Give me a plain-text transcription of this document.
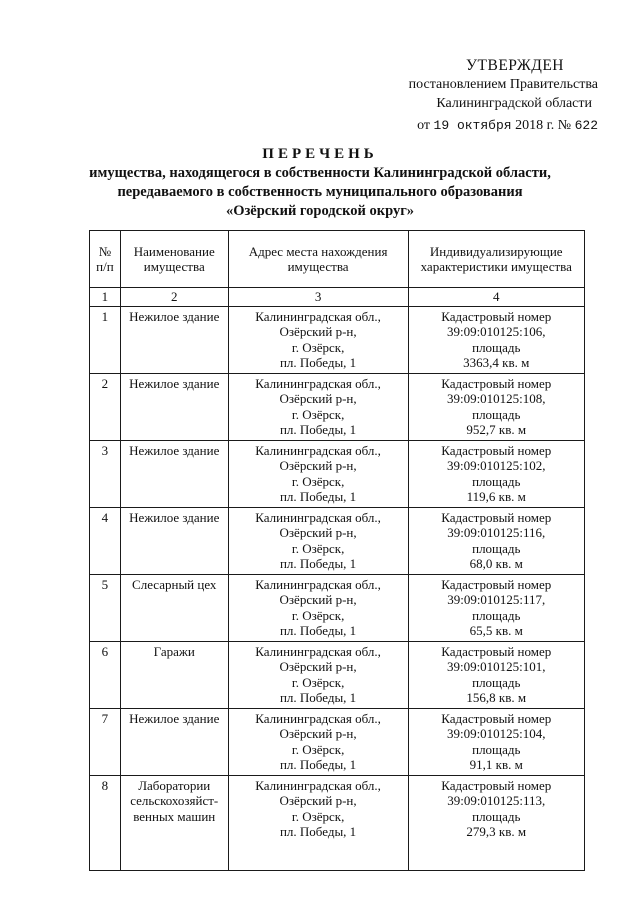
УТВЕРЖДЕН
постановлением Правительства
Калининградской области
от 19 октября 2018 г. № 622
ПЕРЕЧЕНЬ
имущества, находящегося в собственности Калининградской области,
передаваемого в собственность муниципального образования
«Озёрский городской округ»
№ п/п	Наименование имущества	Адрес места нахождения имущества	Индивидуализирующие характеристики имущества
1	2	3	4
1	Нежилое здание	Калининградская обл.,
Озёрский р-н,
г. Озёрск,
пл. Победы, 1	Кадастровый номер
39:09:010125:106,
площадь
3363,4 кв. м

2	Нежилое здание	Калининградская обл.,
Озёрский р-н,
г. Озёрск,
пл. Победы, 1	Кадастровый номер
39:09:010125:108,
площадь
952,7 кв. м

3	Нежилое здание	Калининградская обл.,
Озёрский р-н,
г. Озёрск,
пл. Победы, 1	Кадастровый номер
39:09:010125:102,
площадь
119,6 кв. м

4	Нежилое здание	Калининградская обл.,
Озёрский р-н,
г. Озёрск,
пл. Победы, 1	Кадастровый номер
39:09:010125:116,
площадь
68,0 кв. м

5	Слесарный цех	Калининградская обл.,
Озёрский р-н,
г. Озёрск,
пл. Победы, 1	Кадастровый номер
39:09:010125:117,
площадь
65,5 кв. м

6	Гаражи	Калининградская обл.,
Озёрский р-н,
г. Озёрск,
пл. Победы, 1	Кадастровый номер
39:09:010125:101,
площадь
156,8 кв. м

7	Нежилое здание	Калининградская обл.,
Озёрский р-н,
г. Озёрск,
пл. Победы, 1	Кадастровый номер
39:09:010125:104,
площадь
91,1 кв. м

8	Лаборатории сельскохозяйст-венных машин	Калининградская обл.,
Озёрский р-н,
г. Озёрск,
пл. Победы, 1	Кадастровый номер
39:09:010125:113,
площадь
279,3 кв. м
